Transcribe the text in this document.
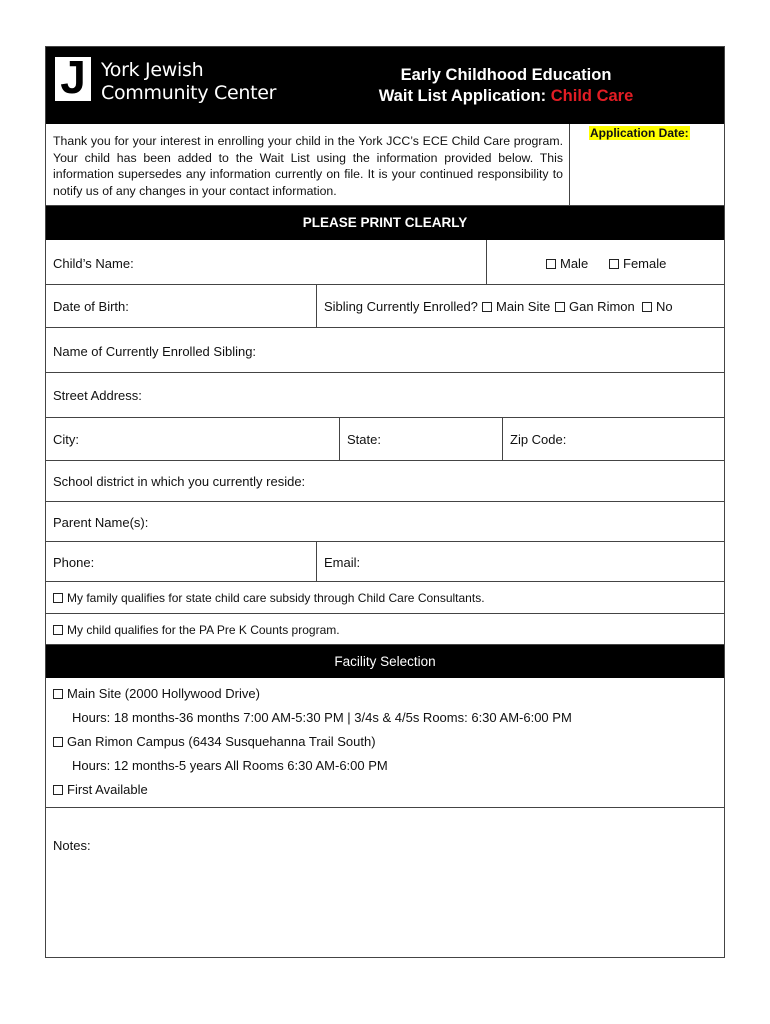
J York Jewish
Community Center
Early Childhood Education
Wait List Application: Child Care
Thank you for your interest in enrolling your child in the York JCC’s ECE Child Care program. Your child has been added to the Wait List using the information provided below. This information supersedes any information currently on file. It is your continued responsibility to notify us of any changes in your contact information.
Application Date:
PLEASE PRINT CLEARLY
Child’s Name:	Male	Female
Date of Birth:	Sibling Currently Enrolled?	Main Site	Gan Rimon	No
Name of Currently Enrolled Sibling:
Street Address:
City:	State:	Zip Code:
School district in which you currently reside:
Parent Name(s):
Phone:	Email:
My family qualifies for state child care subsidy through Child Care Consultants.
My child qualifies for the PA Pre K Counts program.
Facility Selection
Main Site (2000 Hollywood Drive)
Hours: 18 months-36 months 7:00 AM-5:30 PM | 3/4s & 4/5s Rooms: 6:30 AM-6:00 PM
Gan Rimon Campus (6434 Susquehanna Trail South)
Hours: 12 months-5 years All Rooms 6:30 AM-6:00 PM
First Available
Notes:
